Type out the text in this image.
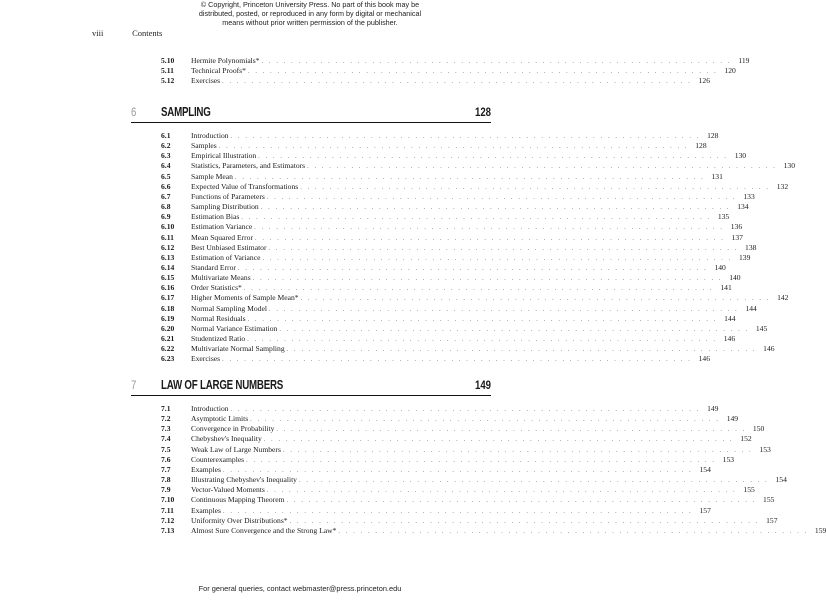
© Copyright, Princeton University Press. No part of this book may be
distributed, posted, or reproduced in any form by digital or mechanical
means without prior written permission of the publisher.
viii	Contents
5.10	Hermite Polynomials* . . . . . . . . . . . . . . . . . . . . . . . . . . . . . . . . . . . . . . . . . . . . . . . . . . . . . . . . . . . . . . . . 119
5.11	Technical Proofs* . . . . . . . . . . . . . . . . . . . . . . . . . . . . . . . . . . . . . . . . . . . . . . . . . . . . . . . . . . . . . . . . 120
5.12	Exercises . . . . . . . . . . . . . . . . . . . . . . . . . . . . . . . . . . . . . . . . . . . . . . . . . . . . . . . . . . . . . . . . 126
6 SAMPLING	128
6.1	Introduction . . . . . . . . . . . . . . . . . . . . . . . . . . . . . . . . . . . . . . . . . . . . . . . . . . . . . . . . . . . . . . . . 128
6.2	Samples . . . . . . . . . . . . . . . . . . . . . . . . . . . . . . . . . . . . . . . . . . . . . . . . . . . . . . . . . . . . . . . . 128
6.3	Empirical Illustration . . . . . . . . . . . . . . . . . . . . . . . . . . . . . . . . . . . . . . . . . . . . . . . . . . . . . . . . . . . . . . . . 130
6.4	Statistics, Parameters, and Estimators . . . . . . . . . . . . . . . . . . . . . . . . . . . . . . . . . . . . . . . . . . . . . . . . . . . . . . . . . . . . . . . . 130
6.5	Sample Mean . . . . . . . . . . . . . . . . . . . . . . . . . . . . . . . . . . . . . . . . . . . . . . . . . . . . . . . . . . . . . . . . 131
6.6	Expected Value of Transformations . . . . . . . . . . . . . . . . . . . . . . . . . . . . . . . . . . . . . . . . . . . . . . . . . . . . . . . . . . . . . . . . 132
6.7	Functions of Parameters . . . . . . . . . . . . . . . . . . . . . . . . . . . . . . . . . . . . . . . . . . . . . . . . . . . . . . . . . . . . . . . . 133
6.8	Sampling Distribution . . . . . . . . . . . . . . . . . . . . . . . . . . . . . . . . . . . . . . . . . . . . . . . . . . . . . . . . . . . . . . . . 134
6.9	Estimation Bias . . . . . . . . . . . . . . . . . . . . . . . . . . . . . . . . . . . . . . . . . . . . . . . . . . . . . . . . . . . . . . . . 135
6.10	Estimation Variance . . . . . . . . . . . . . . . . . . . . . . . . . . . . . . . . . . . . . . . . . . . . . . . . . . . . . . . . . . . . . . . . 136
6.11	Mean Squared Error . . . . . . . . . . . . . . . . . . . . . . . . . . . . . . . . . . . . . . . . . . . . . . . . . . . . . . . . . . . . . . . . 137
6.12	Best Unbiased Estimator . . . . . . . . . . . . . . . . . . . . . . . . . . . . . . . . . . . . . . . . . . . . . . . . . . . . . . . . . . . . . . . . 138
6.13	Estimation of Variance . . . . . . . . . . . . . . . . . . . . . . . . . . . . . . . . . . . . . . . . . . . . . . . . . . . . . . . . . . . . . . . . 139
6.14	Standard Error . . . . . . . . . . . . . . . . . . . . . . . . . . . . . . . . . . . . . . . . . . . . . . . . . . . . . . . . . . . . . . . . 140
6.15	Multivariate Means . . . . . . . . . . . . . . . . . . . . . . . . . . . . . . . . . . . . . . . . . . . . . . . . . . . . . . . . . . . . . . . . 140
6.16	Order Statistics* . . . . . . . . . . . . . . . . . . . . . . . . . . . . . . . . . . . . . . . . . . . . . . . . . . . . . . . . . . . . . . . . 141
6.17	Higher Moments of Sample Mean* . . . . . . . . . . . . . . . . . . . . . . . . . . . . . . . . . . . . . . . . . . . . . . . . . . . . . . . . . . . . . . . . 142
6.18	Normal Sampling Model . . . . . . . . . . . . . . . . . . . . . . . . . . . . . . . . . . . . . . . . . . . . . . . . . . . . . . . . . . . . . . . . 144
6.19	Normal Residuals . . . . . . . . . . . . . . . . . . . . . . . . . . . . . . . . . . . . . . . . . . . . . . . . . . . . . . . . . . . . . . . . 144
6.20	Normal Variance Estimation . . . . . . . . . . . . . . . . . . . . . . . . . . . . . . . . . . . . . . . . . . . . . . . . . . . . . . . . . . . . . . . . 145
6.21	Studentized Ratio . . . . . . . . . . . . . . . . . . . . . . . . . . . . . . . . . . . . . . . . . . . . . . . . . . . . . . . . . . . . . . . . 146
6.22	Multivariate Normal Sampling . . . . . . . . . . . . . . . . . . . . . . . . . . . . . . . . . . . . . . . . . . . . . . . . . . . . . . . . . . . . . . . . 146
6.23	Exercises . . . . . . . . . . . . . . . . . . . . . . . . . . . . . . . . . . . . . . . . . . . . . . . . . . . . . . . . . . . . . . . . 146
7 LAW OF LARGE NUMBERS	149
7.1	Introduction . . . . . . . . . . . . . . . . . . . . . . . . . . . . . . . . . . . . . . . . . . . . . . . . . . . . . . . . . . . . . . . . 149
7.2	Asymptotic Limits . . . . . . . . . . . . . . . . . . . . . . . . . . . . . . . . . . . . . . . . . . . . . . . . . . . . . . . . . . . . . . . . 149
7.3	Convergence in Probability . . . . . . . . . . . . . . . . . . . . . . . . . . . . . . . . . . . . . . . . . . . . . . . . . . . . . . . . . . . . . . . . 150
7.4	Chebyshev's Inequality . . . . . . . . . . . . . . . . . . . . . . . . . . . . . . . . . . . . . . . . . . . . . . . . . . . . . . . . . . . . . . . . 152
7.5	Weak Law of Large Numbers . . . . . . . . . . . . . . . . . . . . . . . . . . . . . . . . . . . . . . . . . . . . . . . . . . . . . . . . . . . . . . . . 153
7.6	Counterexamples . . . . . . . . . . . . . . . . . . . . . . . . . . . . . . . . . . . . . . . . . . . . . . . . . . . . . . . . . . . . . . . . 153
7.7	Examples . . . . . . . . . . . . . . . . . . . . . . . . . . . . . . . . . . . . . . . . . . . . . . . . . . . . . . . . . . . . . . . . 154
7.8	Illustrating Chebyshev's Inequality . . . . . . . . . . . . . . . . . . . . . . . . . . . . . . . . . . . . . . . . . . . . . . . . . . . . . . . . . . . . . . . . 154
7.9	Vector-Valued Moments . . . . . . . . . . . . . . . . . . . . . . . . . . . . . . . . . . . . . . . . . . . . . . . . . . . . . . . . . . . . . . . . 155
7.10	Continuous Mapping Theorem . . . . . . . . . . . . . . . . . . . . . . . . . . . . . . . . . . . . . . . . . . . . . . . . . . . . . . . . . . . . . . . . 155
7.11	Examples . . . . . . . . . . . . . . . . . . . . . . . . . . . . . . . . . . . . . . . . . . . . . . . . . . . . . . . . . . . . . . . . 157
7.12	Uniformity Over Distributions* . . . . . . . . . . . . . . . . . . . . . . . . . . . . . . . . . . . . . . . . . . . . . . . . . . . . . . . . . . . . . . . . 157
7.13	Almost Sure Convergence and the Strong Law* . . . . . . . . . . . . . . . . . . . . . . . . . . . . . . . . . . . . . . . . . . . . . . . . . . . . . . . . . . . . . . . . 159
For general queries, contact webmaster@press.princeton.edu
